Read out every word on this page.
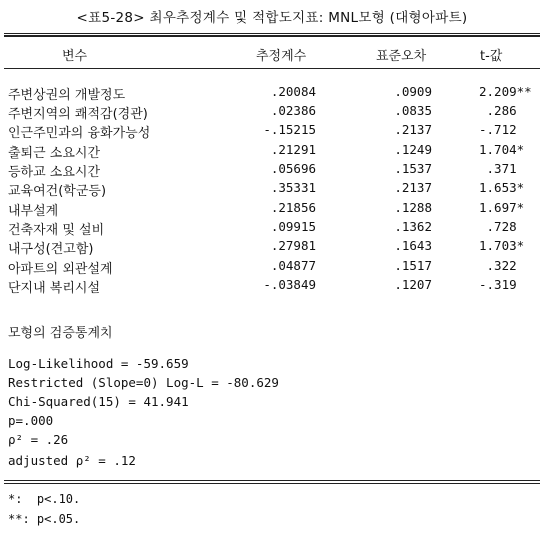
<표5-28> 최우추정계수 및 적합도지표: MNL모형 (대형아파트)
변수	추정계수	표준오차	t-값
주변상권의 개발정도	.20084	.0909	2.209**
주변지역의 쾌적감(경관)	.02386	.0835	.286
인근주민과의 융화가능성	-.15215	.2137	-.712
출퇴근 소요시간	.21291	.1249	1.704*
등하교 소요시간	.05696	.1537	.371
교육여건(학군등)	.35331	.2137	1.653*
내부설계	.21856	.1288	1.697*
건축자재 및 설비	.09915	.1362	.728
내구성(견고함)	.27981	.1643	1.703*
아파트의 외관설계	.04877	.1517	.322
단지내 복리시설	-.03849	.1207	-.319
모형의 검증통계치
Log-Likelihood = -59.659
Restricted (Slope=0) Log-L = -80.629
Chi-Squared(15) = 41.941
p=.000
ρ² = .26
adjusted ρ² = .12
*:  p<.10.
**: p<.05.
